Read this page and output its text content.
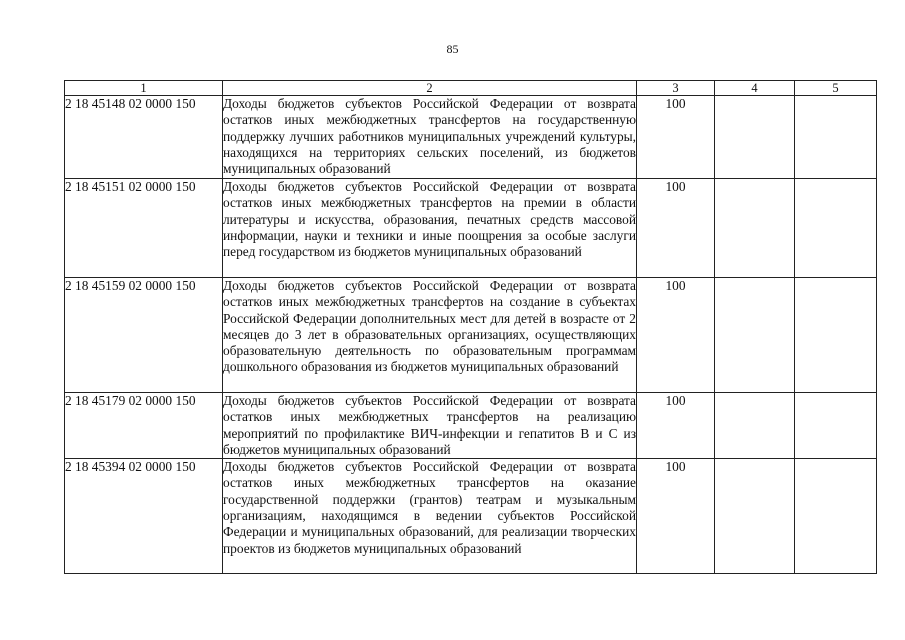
85
1	2	3	4	5
2 18 45148 02 0000 150	Доходы бюджетов субъектов Российской Федерации от возврата остатков иных межбюджетных трансфертов на государственную поддержку лучших работников муниципальных учреждений культуры, находящихся на территориях сельских поселений, из бюджетов муниципальных образований	100		
2 18 45151 02 0000 150	Доходы бюджетов субъектов Российской Федерации от возврата остатков иных межбюджетных трансфертов на премии в области литературы и искусства, образования, печатных средств массовой информации, науки и техники и иные поощрения за особые заслуги перед государством из бюджетов муниципальных образований	100		
2 18 45159 02 0000 150	Доходы бюджетов субъектов Российской Федерации от возврата остатков иных межбюджетных трансфертов на создание в субъектах Российской Федерации дополнительных мест для детей в возрасте от 2 месяцев до 3 лет в образовательных организациях, осуществляющих образовательную деятельность по образовательным программам дошкольного образования из бюджетов муниципальных образований	100		
2 18 45179 02 0000 150	Доходы бюджетов субъектов Российской Федерации от возврата остатков иных межбюджетных трансфертов на реализацию мероприятий по профилактике ВИЧ-инфекции и гепатитов В и С из бюджетов муниципальных образований	100		
2 18 45394 02 0000 150	Доходы бюджетов субъектов Российской Федерации от возврата остатков иных межбюджетных трансфертов на оказание государственной поддержки (грантов) театрам и музыкальным организациям, находящимся в ведении субъектов Российской Федерации и муниципальных образований, для реализации творческих проектов из бюджетов муниципальных образований	100		
